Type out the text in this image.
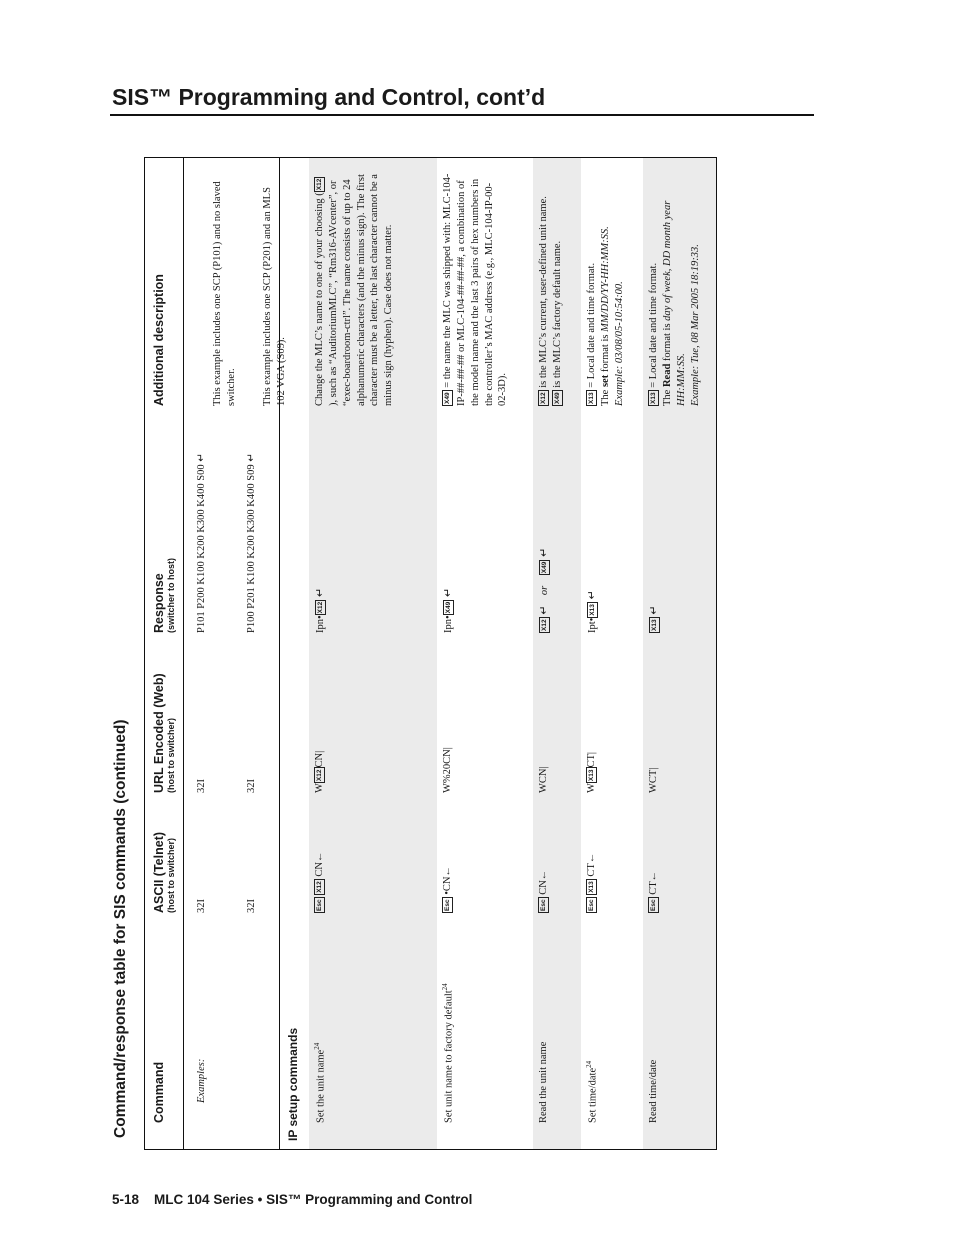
SIS™ Programming and Control, cont’d
Command/response table for SIS commands (continued) Command
ASCII (Telnet) (host to switcher)
URL Encoded (Web) (host to switcher)
Response (switcher to host)
Additional description
Examples:
32I
32I
P101 P200 K100 K200 K300 K400 S00 ↵
This example includes one SCP (P101) and no slaved switcher.
32I
32I
P100 P201 K100 K200 K300 K400 S09 ↵
This example includes one SCP (P201) and an MLS 102 VGA (S09).
IP setup commands Set the unit name$^{24}$
Esc X12 CN←
WX12CN|
Ipn•X12 ↵
Change the MLC’s name to one of your choosing (X12 ), such as “AuditoriumMLC”, “Rm316-AVcenter”, or “exec-boardroom-ctrl”. The name consists of up to 24 alphanumeric characters (and the minus sign). The first character must be a letter, the last character cannot be a minus sign (hyphen). Case does not matter.
Set unit name to factory default$^{24}$
Esc •CN←
W%20CN|
Ipn•X49 ↵
X49 = the name the MLC was shipped with: MLC-104-IP-##-##-## or MLC-104-##-##-##, a combination of the model name and the last 3 pairs of hex numbers in the controller’s MAC address (e.g., MLC-104-IP-00-02-3D).
Read the unit name
Esc CN←
WCN|
X12 ↵    or    X49 ↵
X12 is the MLC’s current, user-defined unit name.
X49 is the MLC’s factory default name.
Set time/date$^{24}$
Esc X13 CT←
WX13CT|
Ipt•X13 ↵
X13 = Local date and time format.
The set format is MM/DD/YY-HH:MM:SS.
Example: 03/08/05-10:54:00.
Read time/date
Esc CT←
WCT|
X13 ↵
X13 = Local date and time format.
The Read format is day of week, DD month year HH:MM:SS. Example: Tue, 08 Mar 2005 18:19:33.
5-18 MLC 104 Series • SIS™ Programming and Control
